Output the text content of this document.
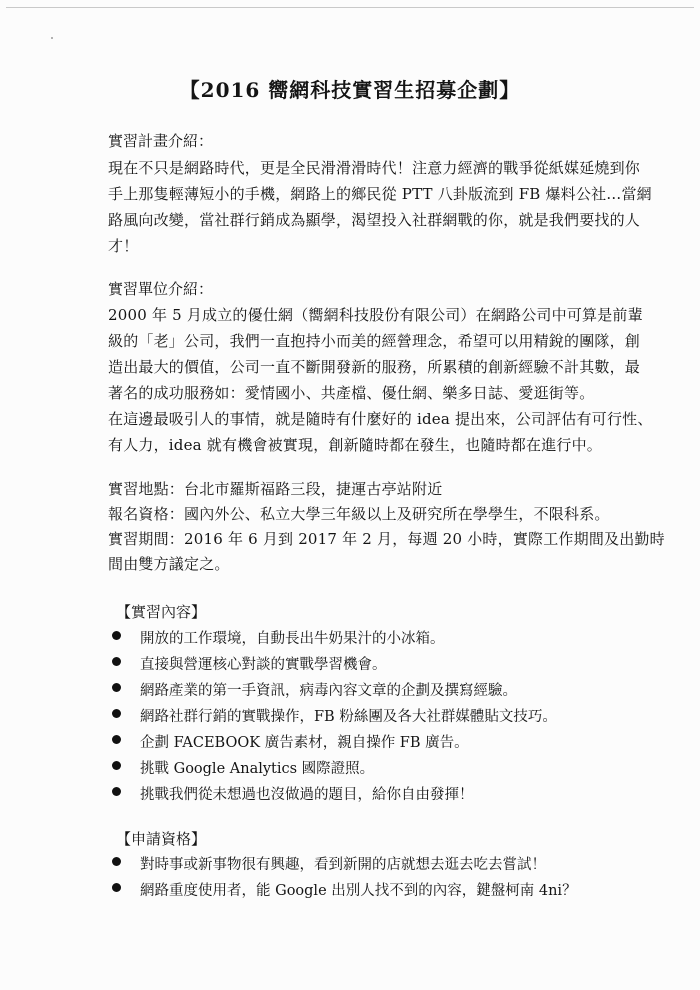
【2016 嚮網科技實習生招募企劃】
實習計畫介紹：
現在不只是網路時代，更是全民滑滑滑時代！注意力經濟的戰爭從紙媒延燒到你
手上那隻輕薄短小的手機，網路上的鄉民從 PTT 八卦版流到 FB 爆料公社…當網
路風向改變，當社群行銷成為顯學，渴望投入社群網戰的你，就是我們要找的人
才！
實習單位介紹：
2000 年 5 月成立的優仕網（嚮網科技股份有限公司）在網路公司中可算是前輩
級的「老」公司，我們一直抱持小而美的經營理念，希望可以用精銳的團隊，創
造出最大的價值，公司一直不斷開發新的服務，所累積的創新經驗不計其數，最
著名的成功服務如：愛情國小、共產檔、優仕網、樂多日誌、愛逛街等。
在這邊最吸引人的事情，就是隨時有什麼好的 idea 提出來，公司評估有可行性、
有人力，idea 就有機會被實現，創新隨時都在發生，也隨時都在進行中。
實習地點：台北市羅斯福路三段，捷運古亭站附近
報名資格：國內外公、私立大學三年級以上及研究所在學學生，不限科系。
實習期間：2016 年 6 月到 2017 年 2 月，每週 20 小時，實際工作期間及出勤時
間由雙方議定之。
【實習內容】
開放的工作環境，自動長出牛奶果汁的小冰箱。
直接與營運核心對談的實戰學習機會。
網路產業的第一手資訊，病毒內容文章的企劃及撰寫經驗。
網路社群行銷的實戰操作，FB 粉絲團及各大社群媒體貼文技巧。
企劃 FACEBOOK 廣告素材，親自操作 FB 廣告。
挑戰 Google Analytics 國際證照。
挑戰我們從未想過也沒做過的題目，給你自由發揮！
【申請資格】
對時事或新事物很有興趣，看到新開的店就想去逛去吃去嘗試！
網路重度使用者，能 Google 出別人找不到的內容，鍵盤柯南 4ni？
